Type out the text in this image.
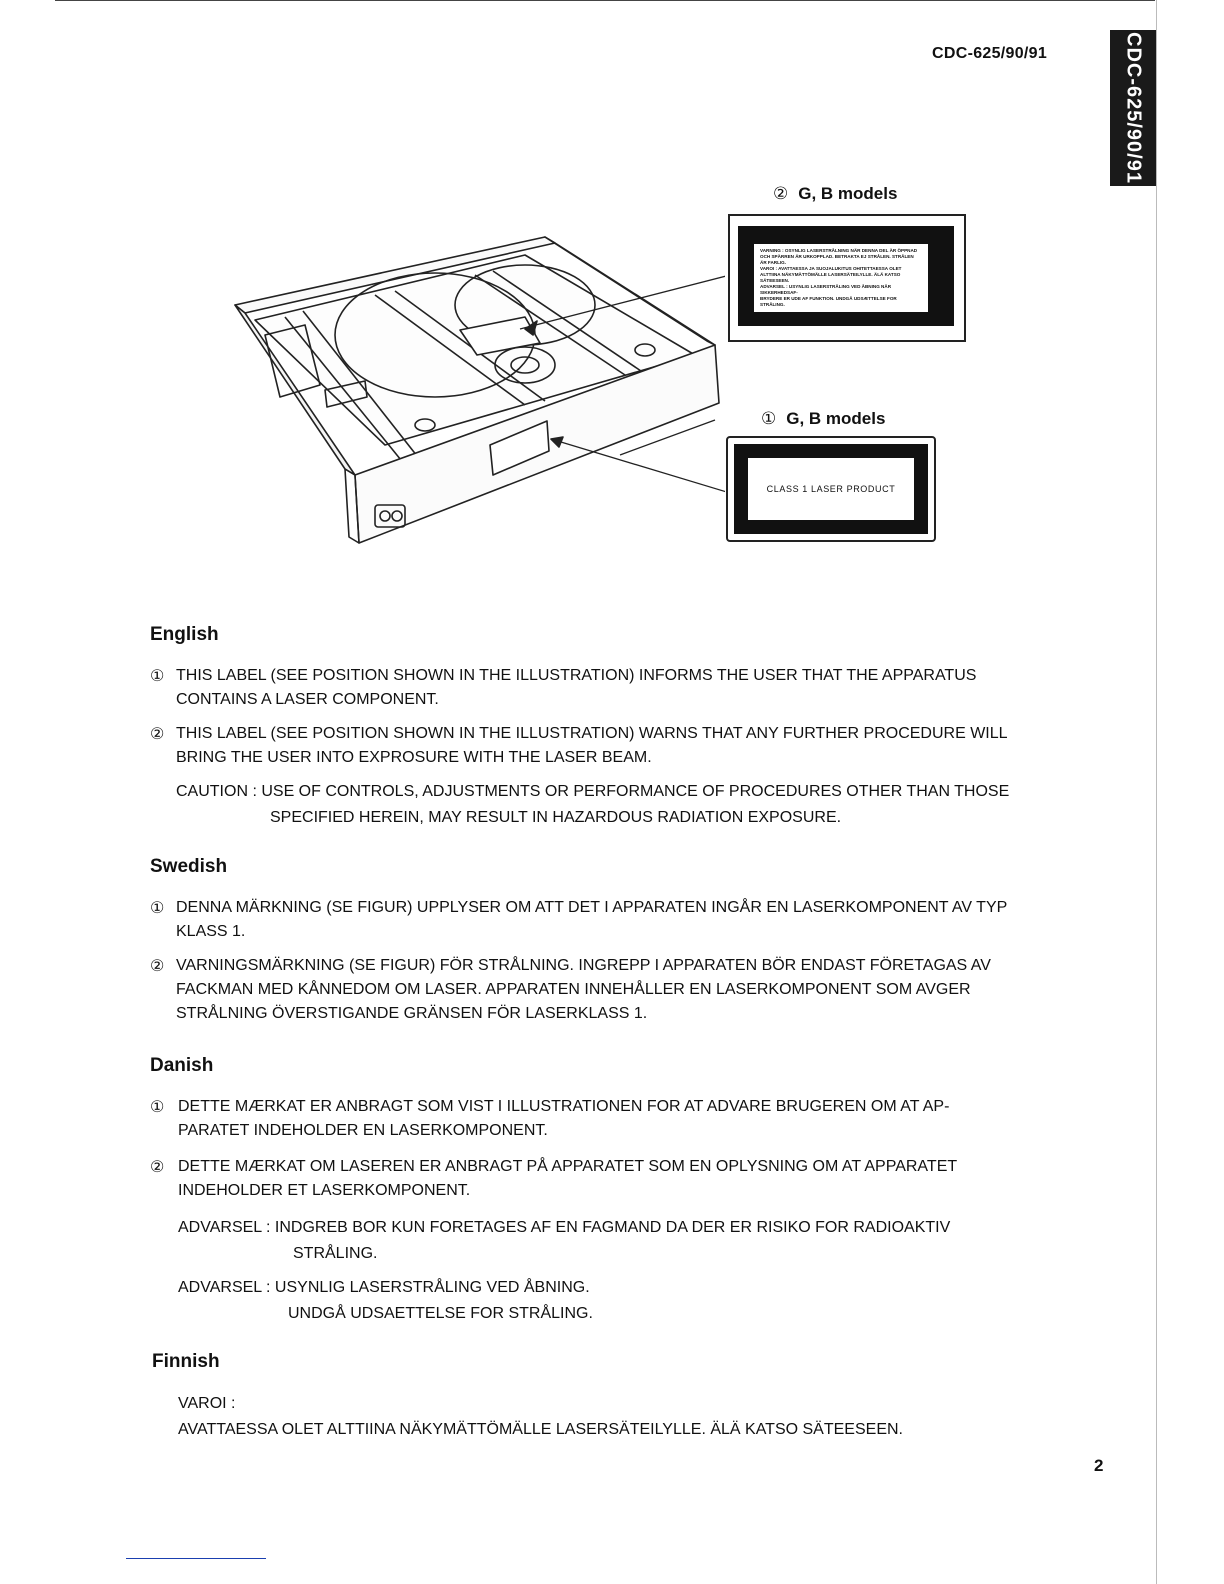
CDC-625/90/91	CDC-625/90/91
② G, B models
VARNING : OSYNLIG LASERSTRÅLNING NÄR DENNA DEL ÄR ÖPPNAD
OCH SPÄRREN ÄR URKOPPLAD. BETRAKTA EJ STRÅLEN. STRÅLEN
ÄR FARLIG.
VAROI : AVATTAESSA JA SUOJALUKITUS OHITETTAESSA OLET
ALTTIINA NÄKYMÄTTÖMÄLLE LASERSÄTEILYLLE. ÄLÄ KATSO SÄTEESEEN.
ADVARSEL : USYNLIG LASERSTRÅLING VED ÅBNING NÅR SIKKERHEDSAF-
BRYDERE ER UDE AF FUNKTION. UNDGÅ UDSÆTTELSE FOR STRÅLING.
① G, B models
CLASS 1 LASER PRODUCT
English
① THIS LABEL (SEE POSITION SHOWN IN THE ILLUSTRATION) INFORMS THE USER THAT THE APPARATUS
CONTAINS A LASER COMPONENT.
② THIS LABEL (SEE POSITION SHOWN IN THE ILLUSTRATION) WARNS THAT ANY FURTHER PROCEDURE WILL
BRING THE USER INTO EXPROSURE WITH THE LASER BEAM.
CAUTION : USE OF CONTROLS, ADJUSTMENTS OR PERFORMANCE OF PROCEDURES OTHER THAN THOSE
SPECIFIED HEREIN, MAY RESULT IN HAZARDOUS RADIATION EXPOSURE.
Swedish
① DENNA MÄRKNING (SE FIGUR) UPPLYSER OM ATT DET I APPARATEN INGÅR EN LASERKOMPONENT AV TYP
KLASS 1.
② VARNINGSMÄRKNING (SE FIGUR) FÖR STRÅLNING. INGREPP I APPARATEN BÖR ENDAST FÖRETAGAS AV
FACKMAN MED KÅNNEDOM OM LASER. APPARATEN INNEHÅLLER EN LASERKOMPONENT SOM AVGER
STRÅLNING ÖVERSTIGANDE GRÄNSEN FÖR LASERKLASS 1.
Danish
① DETTE MÆRKAT ER ANBRAGT SOM VIST I ILLUSTRATIONEN FOR AT ADVARE BRUGEREN OM AT AP-
PARATET INDEHOLDER EN LASERKOMPONENT.
② DETTE MÆRKAT OM LASEREN ER ANBRAGT PÅ APPARATET SOM EN OPLYSNING OM AT APPARATET
INDEHOLDER ET LASERKOMPONENT.
ADVARSEL : INDGREB BOR KUN FORETAGES AF EN FAGMAND DA DER ER RISIKO FOR RADIOAKTIV
STRÅLING.
ADVARSEL : USYNLIG LASERSTRÅLING VED ÅBNING.
UNDGÅ UDSAETTELSE FOR STRÅLING.
Finnish
VAROI :
AVATTAESSA OLET ALTTIINA NÄKYMÄTTÖMÄLLE LASERSÄTEILYLLE. ÄLÄ KATSO SÄTEESEEN.
2
